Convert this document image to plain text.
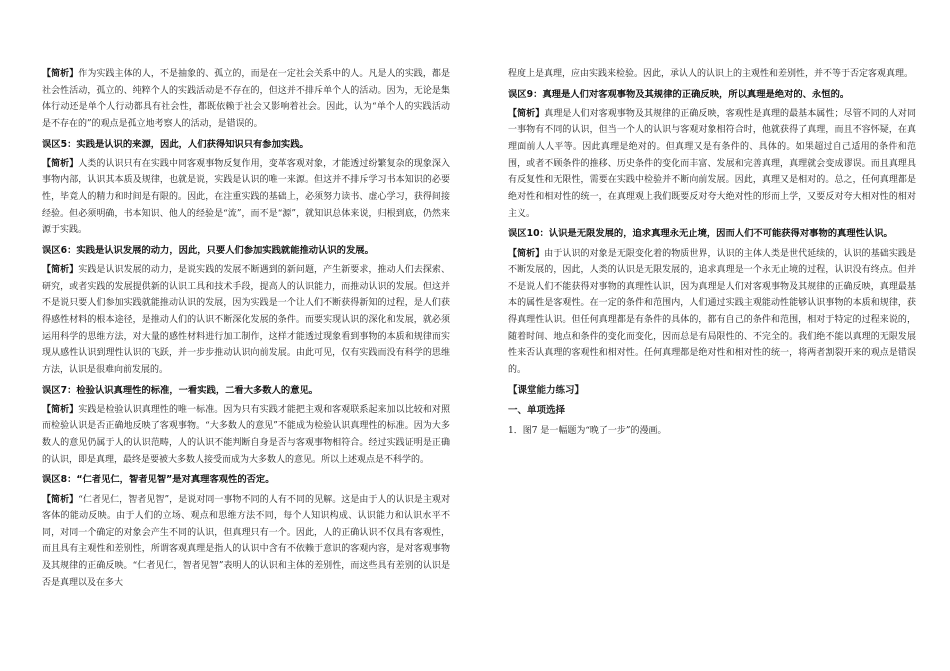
【简析】作为实践主体的人，不是抽象的、孤立的，而是在一定社会关系中的人。凡是人的实践，都是社会性活动，孤立的、纯粹个人的实践活动是不存在的，但这并不排斥单个人的活动。因为，无论是集体行动还是单个人行动都具有社会性，都既依赖于社会又影响着社会。因此，认为“单个人的实践活动是不存在的”的观点是孤立地考察人的活动，是错误的。

误区5：实践是认识的来源，因此，人们获得知识只有参加实践。

【简析】人类的认识只有在实践中同客观事物反复作用，变革客观对象，才能透过纷繁复杂的现象深入事物内部，认识其本质及规律，也就是说，实践是认识的唯一来源。但这并不排斥学习书本知识的必要性，毕竟人的精力和时间是有限的。因此，在注重实践的基础上，必须努力读书、虚心学习，获得间接经验。但必须明确，书本知识、他人的经验是“流”，而不是“源”，就知识总体来说，归根到底，仍然来源于实践。

误区6：实践是认识发展的动力，因此，只要人们参加实践就能推动认识的发展。

【简析】实践是认识发展的动力，是说实践的发展不断遇到的新问题，产生新要求，推动人们去探索、研究，或者实践的发展提供新的认识工具和技术手段，提高人的认识能力，而推动认识的发展。但这并不是说只要人们参加实践就能推动认识的发展，因为实践是一个让人们不断获得新知的过程，是人们获得感性材料的根本途径，是推动人们的认识不断深化发展的条件。而要实现认识的深化和发展，就必须运用科学的思维方法，对大量的感性材料进行加工制作，这样才能透过现象看到事物的本质和规律而实现从感性认识到理性认识的飞跃，并一步步推动认识向前发展。由此可见，仅有实践而没有科学的思维方法，认识是很难向前发展的。

误区7：检验认识真理性的标准，一看实践，二看大多数人的意见。

【简析】实践是检验认识真理性的唯一标准。因为只有实践才能把主观和客观联系起来加以比较和对照而检验认识是否正确地反映了客观事物。“大多数人的意见”不能成为检验认识真理性的标准。因为大多数人的意见仍属于人的认识范畴，人的认识不能判断自身是否与客观事物相符合。经过实践证明是正确的认识，即是真理，最终是要被大多数人接受而成为大多数人的意见。所以上述观点是不科学的。

误区8：“仁者见仁，智者见智”是对真理客观性的否定。

【简析】“仁者见仁，智者见智”，是说对同一事物不同的人有不同的见解。这是由于人的认识是主观对客体的能动反映。由于人们的立场、观点和思维方法不同，每个人知识构成、认识能力和认识水平不同，对同一个确定的对象会产生不同的认识，但真理只有一个。因此，人的正确认识不仅具有客观性，而且具有主观性和差别性，所谓客观真理是指人的认识中含有不依赖于意识的客观内容，是对客观事物及其规律的正确反映。“仁者见仁，智者见智”表明人的认识和主体的差别性，而这些具有差别的认识是否是真理以及在多大

程度上是真理，应由实践来检验。因此，承认人的认识上的主观性和差别性，并不等于否定客观真理。

误区9：真理是人们对客观事物及其规律的正确反映，所以真理是绝对的、永恒的。

【简析】真理是人们对客观事物及其规律的正确反映，客观性是真理的最基本属性；尽管不同的人对同一事物有不同的认识，但当一个人的认识与客观对象相符合时，他就获得了真理，而且不容怀疑，在真理面前人人平等。因此真理是绝对的。但真理又是有条件的、具体的。如果超过自己适用的条件和范围，或者不顾条件的推移、历史条件的变化而丰富、发展和完善真理，真理就会变成谬误。而且真理具有反复性和无限性，需要在实践中检验并不断向前发展。因此，真理又是相对的。总之，任何真理都是绝对性和相对性的统一，在真理观上我们既要反对夸大绝对性的形而上学，又要反对夸大相对性的相对主义。

误区10：认识是无限发展的，追求真理永无止境，因而人们不可能获得对事物的真理性认识。

【简析】由于认识的对象是无限变化着的物质世界，认识的主体人类是世代延续的，认识的基础实践是不断发展的，因此，人类的认识是无限发展的，追求真理是一个永无止境的过程，认识没有终点。但并不是说人们不能获得对事物的真理性认识，因为真理是人们对客观事物及其规律的正确反映，真理最基本的属性是客观性。在一定的条件和范围内，人们通过实践主观能动性能够认识事物的本质和规律，获得真理性认识。但任何真理都是有条件的具体的，都有自己的条件和范围，相对于特定的过程来说的，随着时间、地点和条件的变化而变化，因而总是有局限性的、不完全的。我们绝不能以真理的无限发展性来否认真理的客观性和相对性。任何真理都是绝对性和相对性的统一，将两者割裂开来的观点是错误的。

【课堂能力练习】

一、单项选择

1．图7 是一幅题为“晚了一步”的漫画。
